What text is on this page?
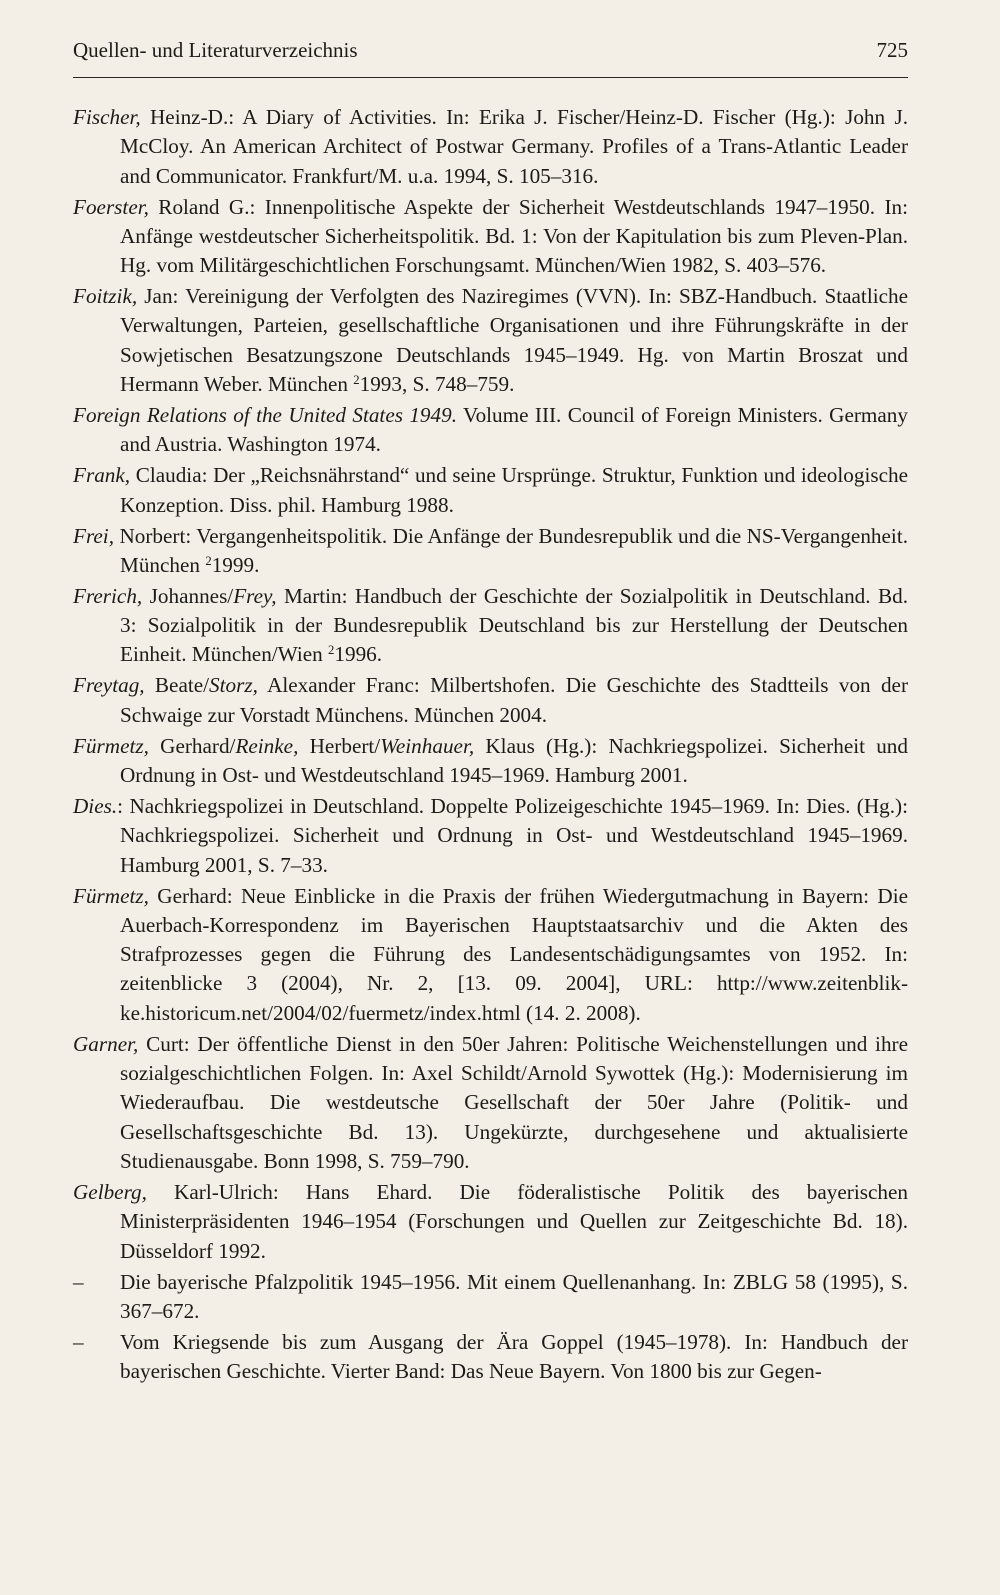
Quellen- und Literaturverzeichnis	725

Fischer, Heinz-D.: A Diary of Activities. In: Erika J. Fischer/Heinz-D. Fischer (Hg.): John J. McCloy. An American Architect of Postwar Germany. Profiles of a Trans-Atlantic Leader and Communicator. Frankfurt/M. u.a. 1994, S. 105–316.

Foerster, Roland G.: Innenpolitische Aspekte der Sicherheit Westdeutschlands 1947–1950. In: Anfänge westdeutscher Sicherheitspolitik. Bd. 1: Von der Kapitulation bis zum Pleven-Plan. Hg. vom Militärgeschichtlichen Forschungsamt. München/Wien 1982, S. 403–576.

Foitzik, Jan: Vereinigung der Verfolgten des Naziregimes (VVN). In: SBZ-Handbuch. Staatliche Verwaltungen, Parteien, gesellschaftliche Organisationen und ihre Führungskräfte in der Sowjetischen Besatzungszone Deutschlands 1945–1949. Hg. von Martin Broszat und Hermann Weber. München $^2$1993, S. 748–759.

Foreign Relations of the United States 1949. Volume III. Council of Foreign Ministers. Germany and Austria. Washington 1974.

Frank, Claudia: Der „Reichsnährstand“ und seine Ursprünge. Struktur, Funktion und ideologische Konzeption. Diss. phil. Hamburg 1988.

Frei, Norbert: Vergangenheitspolitik. Die Anfänge der Bundesrepublik und die NS-Vergangenheit. München $^2$1999.

Frerich, Johannes/Frey, Martin: Handbuch der Geschichte der Sozialpolitik in Deutschland. Bd. 3: Sozialpolitik in der Bundesrepublik Deutschland bis zur Herstellung der Deutschen Einheit. München/Wien $^2$1996.

Freytag, Beate/Storz, Alexander Franc: Milbertshofen. Die Geschichte des Stadtteils von der Schwaige zur Vorstadt Münchens. München 2004.

Fürmetz, Gerhard/Reinke, Herbert/Weinhauer, Klaus (Hg.): Nachkriegspolizei. Sicherheit und Ordnung in Ost- und Westdeutschland 1945–1969. Hamburg 2001.

Dies.: Nachkriegspolizei in Deutschland. Doppelte Polizeigeschichte 1945–1969. In: Dies. (Hg.): Nachkriegspolizei. Sicherheit und Ordnung in Ost- und Westdeutschland 1945–1969. Hamburg 2001, S. 7–33.

Fürmetz, Gerhard: Neue Einblicke in die Praxis der frühen Wiedergutmachung in Bayern: Die Auerbach-Korrespondenz im Bayerischen Hauptstaatsarchiv und die Akten des Strafprozesses gegen die Führung des Landesentschädigungsamtes von 1952. In: zeitenblicke 3 (2004), Nr. 2, [13. 09. 2004], URL: http://www.zeitenblik-ke.historicum.net/2004/02/fuermetz/index.html (14. 2. 2008).

Garner, Curt: Der öffentliche Dienst in den 50er Jahren: Politische Weichenstellungen und ihre sozialgeschichtlichen Folgen. In: Axel Schildt/Arnold Sywottek (Hg.): Modernisierung im Wiederaufbau. Die westdeutsche Gesellschaft der 50er Jahre (Politik- und Gesellschaftsgeschichte Bd. 13). Ungekürzte, durchgesehene und aktualisierte Studienausgabe. Bonn 1998, S. 759–790.

Gelberg, Karl-Ulrich: Hans Ehard. Die föderalistische Politik des bayerischen Ministerpräsidenten 1946–1954 (Forschungen und Quellen zur Zeitgeschichte Bd. 18). Düsseldorf 1992.

– Die bayerische Pfalzpolitik 1945–1956. Mit einem Quellenanhang. In: ZBLG 58 (1995), S. 367–672.

– Vom Kriegsende bis zum Ausgang der Ära Goppel (1945–1978). In: Handbuch der bayerischen Geschichte. Vierter Band: Das Neue Bayern. Von 1800 bis zur Gegen-
